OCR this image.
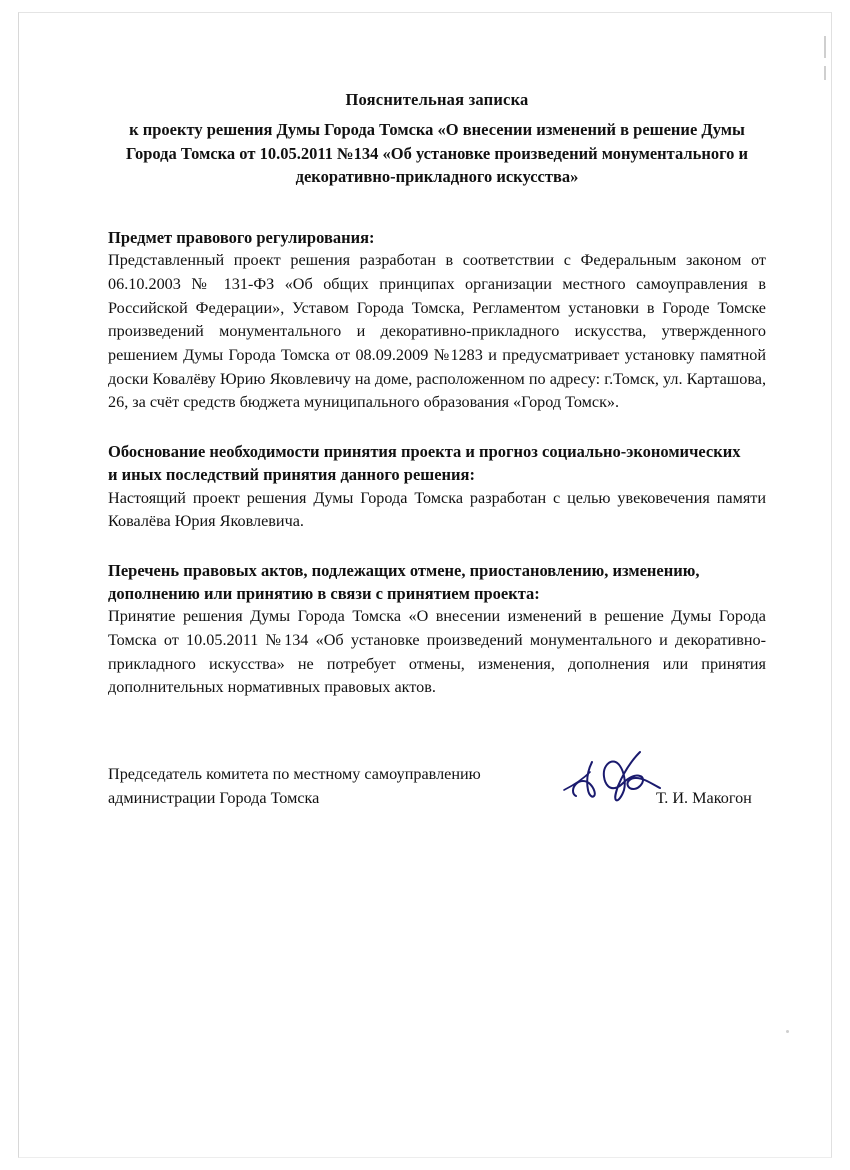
Пояснительная записка
к проекту решения Думы Города Томска «О внесении изменений в решение Думы
Города Томска от 10.05.2011 №134 «Об установке произведений монументального и
декоративно-прикладного искусства»
Предмет правового регулирования:
Представленный проект решения разработан в соответствии с Федеральным законом от 06.10.2003 № 131-ФЗ «Об общих принципах организации местного самоуправления в Российской Федерации», Уставом Города Томска, Регламентом установки в Городе Томске произведений монументального и декоративно-прикладного искусства, утвержденного решением Думы Города Томска от 08.09.2009 №1283 и предусматривает установку памятной доски Ковалёву Юрию Яковлевичу на доме, расположенном по адресу: г.Томск, ул. Карташова, 26, за счёт средств бюджета муниципального образования «Город Томск».
Обоснование необходимости принятия проекта и прогноз социально-экономических
и иных последствий принятия данного решения:
Настоящий проект решения Думы Города Томска разработан с целью увековечения памяти Ковалёва Юрия Яковлевича.
Перечень правовых актов, подлежащих отмене, приостановлению, изменению,
дополнению или принятию в связи с принятием проекта:
Принятие решения Думы Города Томска «О внесении изменений в решение Думы Города Томска от 10.05.2011 №134 «Об установке произведений монументального и декоративно-прикладного искусства» не потребует отмены, изменения, дополнения или принятия дополнительных нормативных правовых актов.
Председатель комитета по местному самоуправлению
администрации Города Томска	Т. И. Макогон
